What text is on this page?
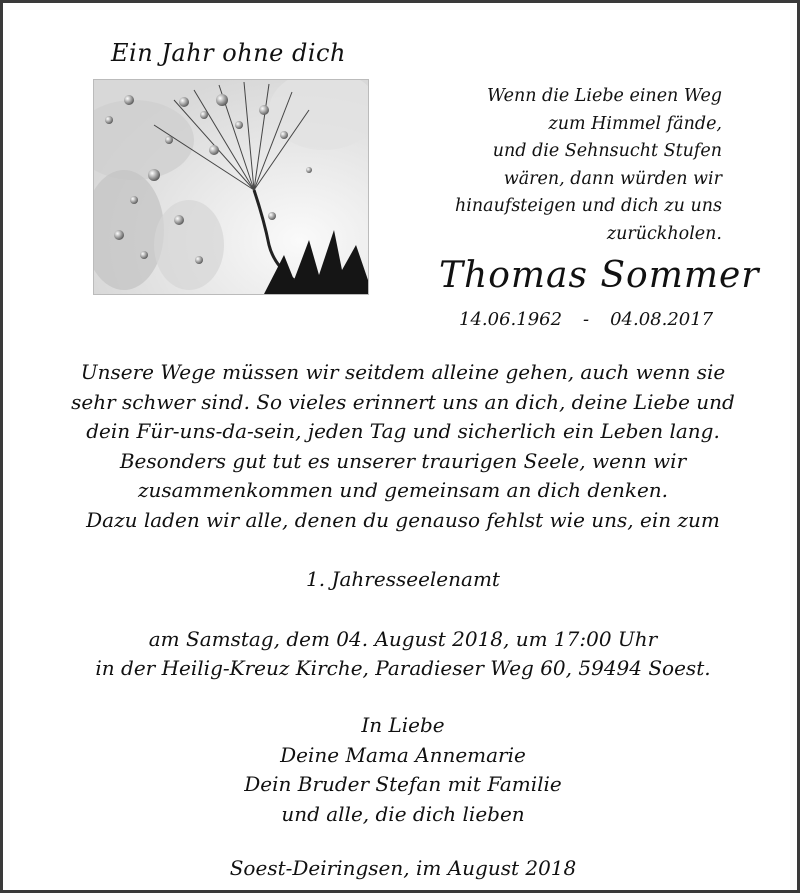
Ein Jahr ohne dich
Wenn die Liebe einen Weg
zum Himmel fände,
und die Sehnsucht Stufen
wären, dann würden wir
hinaufsteigen und dich zu uns
zurückholen.
Thomas Sommer
14.06.1962 - 04.08.2017
Unsere Wege müssen wir seitdem alleine gehen, auch wenn sie
sehr schwer sind. So vieles erinnert uns an dich, deine Liebe und
dein Für-uns-da-sein, jeden Tag und sicherlich ein Leben lang.
Besonders gut tut es unserer traurigen Seele, wenn wir
zusammenkommen und gemeinsam an dich denken.
Dazu laden wir alle, denen du genauso fehlst wie uns, ein zum
1. Jahresseelenamt
am Samstag, dem 04. August 2018, um 17:00 Uhr
in der Heilig-Kreuz Kirche, Paradieser Weg 60, 59494 Soest.
In Liebe
Deine Mama Annemarie
Dein Bruder Stefan mit Familie
und alle, die dich lieben
Soest-Deiringsen, im August 2018
